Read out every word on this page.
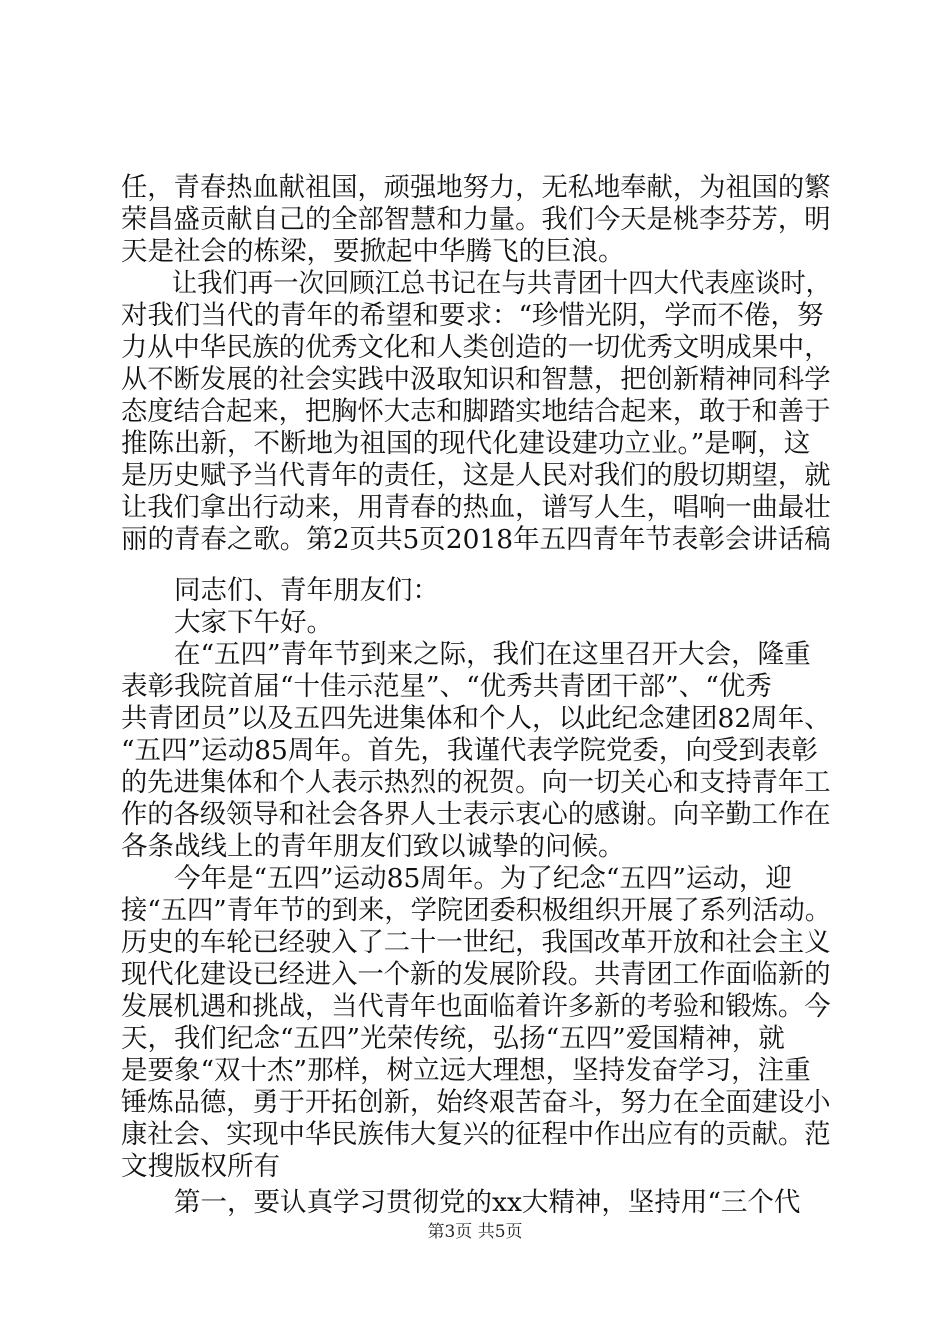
任，青春热血献祖国，顽强地努力，无私地奉献，为祖国的繁
荣昌盛贡献自己的全部智慧和力量。我们今天是桃李芬芳，明
天是社会的栋梁，要掀起中华腾飞的巨浪。
　　让我们再一次回顾江总书记在与共青团十四大代表座谈时，
对我们当代的青年的希望和要求：“珍惜光阴，学而不倦，努
力从中华民族的优秀文化和人类创造的一切优秀文明成果中，
从不断发展的社会实践中汲取知识和智慧，把创新精神同科学
态度结合起来，把胸怀大志和脚踏实地结合起来，敢于和善于
推陈出新，不断地为祖国的现代化建设建功立业。”是啊，这
是历史赋予当代青年的责任，这是人民对我们的殷切期望，就
让我们拿出行动来，用青春的热血，谱写人生，唱响一曲最壮
丽的青春之歌。第2页共5页2018年五四青年节表彰会讲话稿
　　同志们、青年朋友们：
　　大家下午好。
　　在“五四”青年节到来之际，我们在这里召开大会，隆重
表彰我院首届“十佳示范星”、“优秀共青团干部”、“优秀
共青团员”以及五四先进集体和个人，以此纪念建团82周年、
“五四”运动85周年。首先，我谨代表学院党委，向受到表彰
的先进集体和个人表示热烈的祝贺。向一切关心和支持青年工
作的各级领导和社会各界人士表示衷心的感谢。向辛勤工作在
各条战线上的青年朋友们致以诚挚的问候。
　　今年是“五四”运动85周年。为了纪念“五四”运动，迎
接“五四”青年节的到来，学院团委积极组织开展了系列活动。
历史的车轮已经驶入了二十一世纪，我国改革开放和社会主义
现代化建设已经进入一个新的发展阶段。共青团工作面临新的
发展机遇和挑战，当代青年也面临着许多新的考验和锻炼。今
天，我们纪念“五四”光荣传统，弘扬“五四”爱国精神，就
是要象“双十杰”那样，树立远大理想，坚持发奋学习，注重
锤炼品德，勇于开拓创新，始终艰苦奋斗，努力在全面建设小
康社会、实现中华民族伟大复兴的征程中作出应有的贡献。范
文搜版权所有
　　第一，要认真学习贯彻党的xx大精神，坚持用“三个代
第3页 共5页
